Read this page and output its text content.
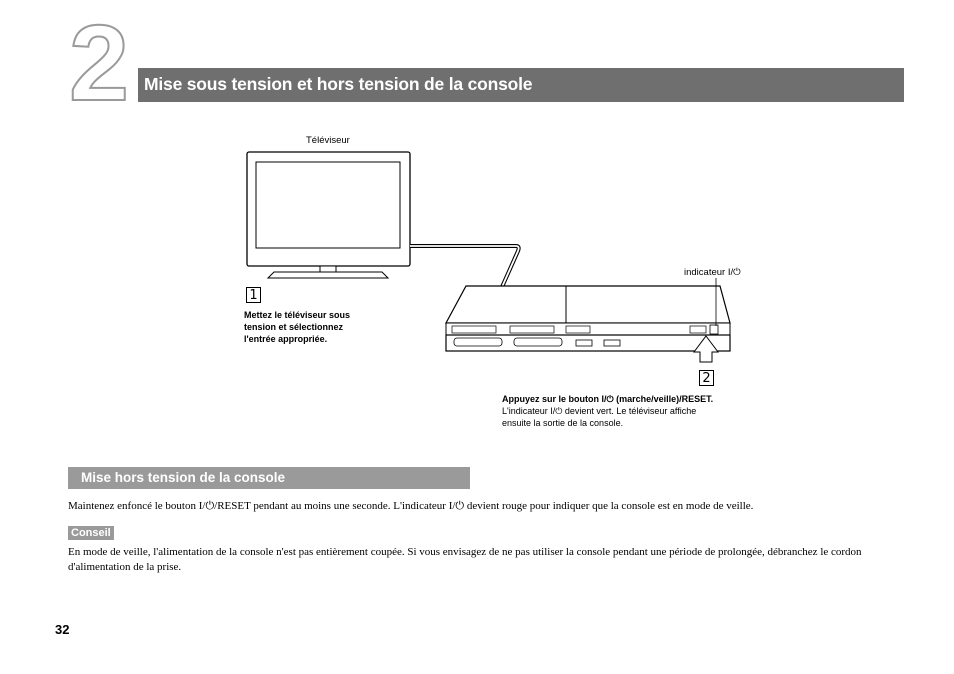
2 Mise sous tension et hors tension de la console
Téléviseur
indicateur I/⏻
1
Mettez le téléviseur sous
tension et sélectionnez
l'entrée appropriée.
2
Appuyez sur le bouton I/⏻ (marche/veille)/RESET.
L'indicateur I/⏻ devient vert. Le téléviseur affiche
ensuite la sortie de la console.
Mise hors tension de la console
Maintenez enfoncé le bouton I/⏻/RESET pendant au moins une seconde. L'indicateur I/⏻ devient rouge pour indiquer que la console est en mode de veille.
Conseil
En mode de veille, l'alimentation de la console n'est pas entièrement coupée. Si vous envisagez de ne pas utiliser la console pendant une période de prolongée, débranchez le cordon d'alimentation de la prise.
32
